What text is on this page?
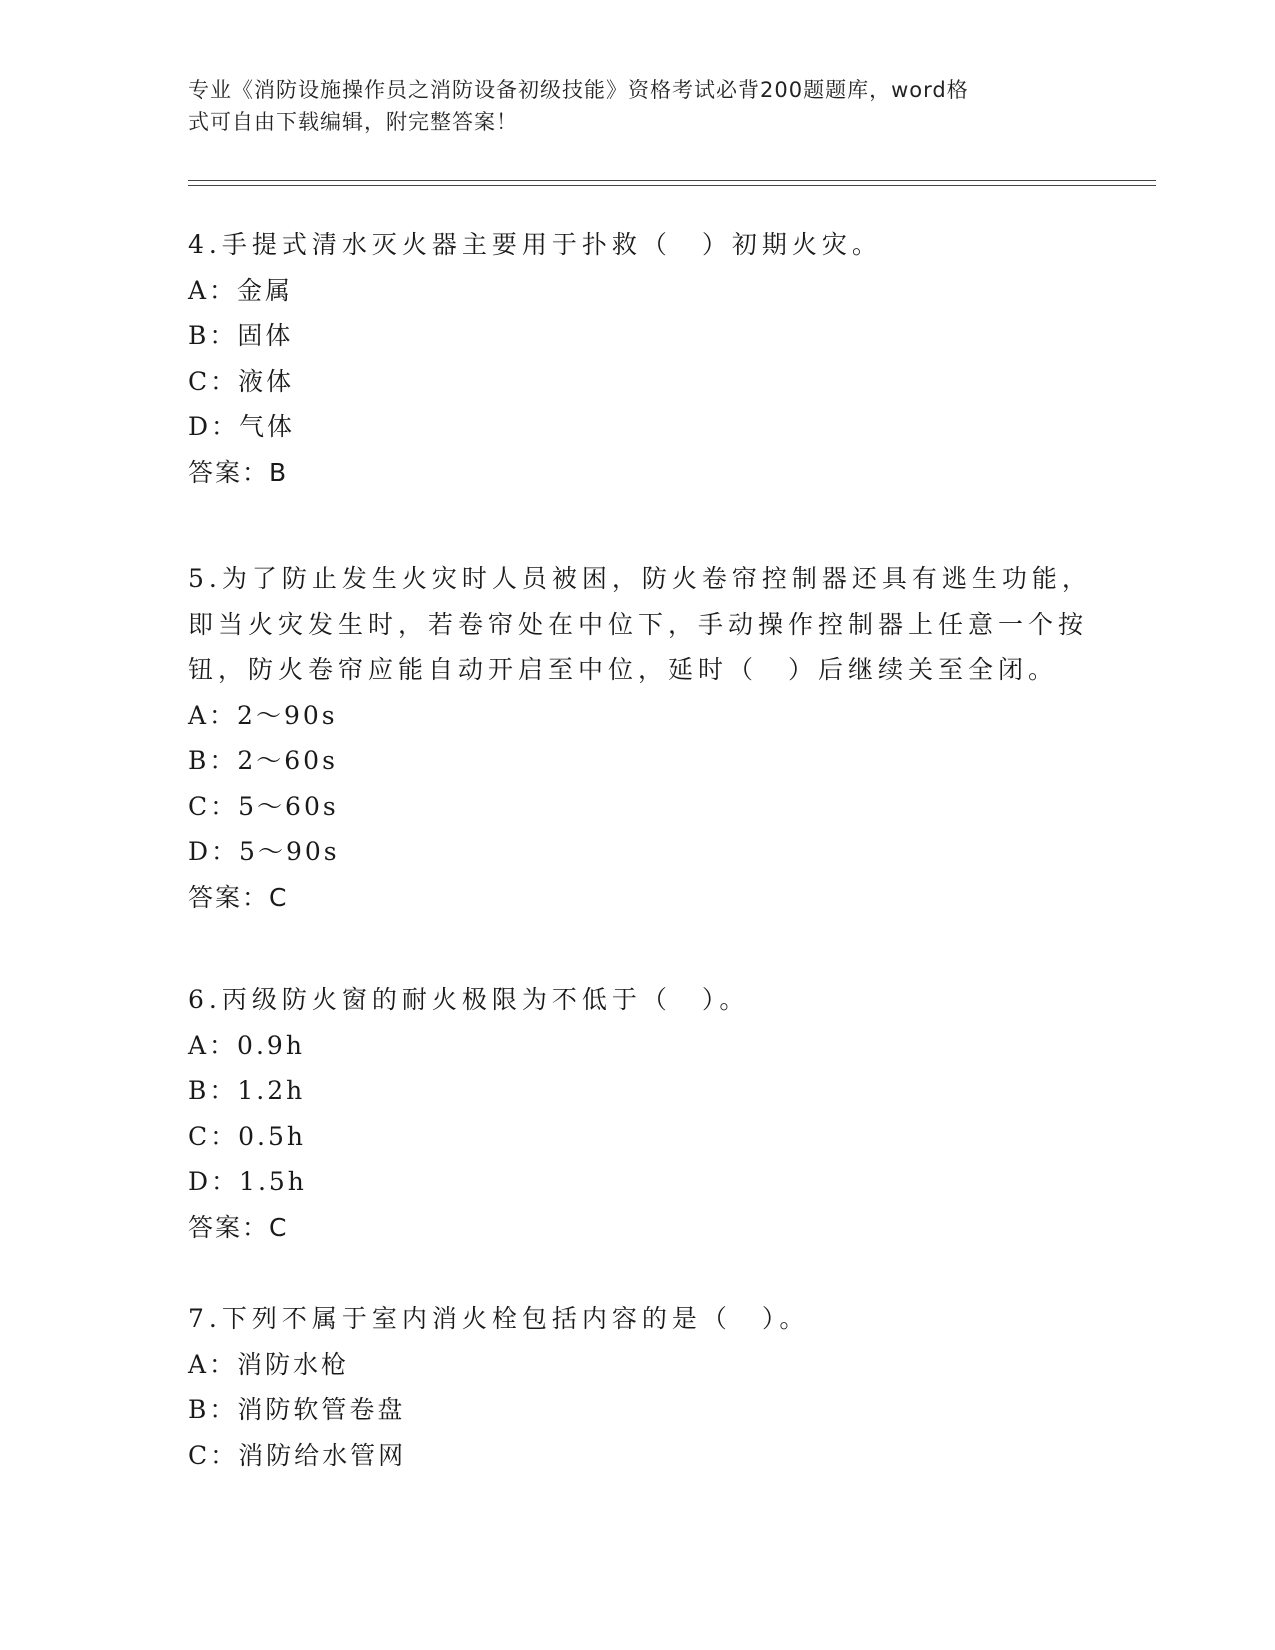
专业《消防设施操作员之消防设备初级技能》资格考试必背200题题库，word格
式可自由下载编辑，附完整答案！
4.手提式清水灭火器主要用于扑救（　）初期火灾。
A：金属
B：固体
C：液体
D：气体
答案：B
5.为了防止发生火灾时人员被困，防火卷帘控制器还具有逃生功能，
即当火灾发生时，若卷帘处在中位下，手动操作控制器上任意一个按
钮，防火卷帘应能自动开启至中位，延时（　）后继续关至全闭。
A：2～90s
B：2～60s
C：5～60s
D：5～90s
答案：C
6.丙级防火窗的耐火极限为不低于（　）。
A：0.9h
B：1.2h
C：0.5h
D：1.5h
答案：C
7.下列不属于室内消火栓包括内容的是（　）。
A：消防水枪
B：消防软管卷盘
C：消防给水管网
